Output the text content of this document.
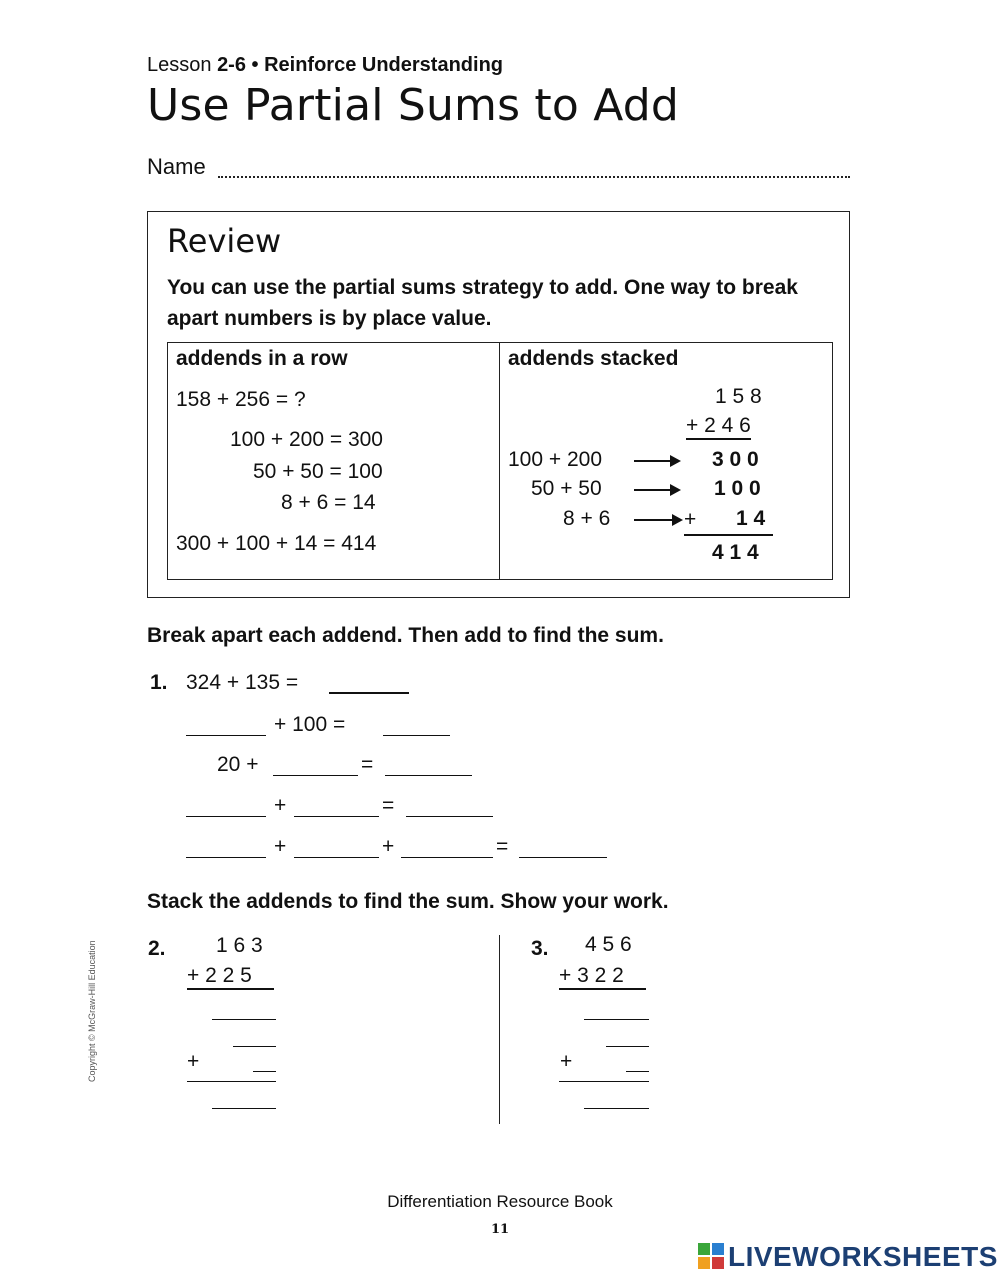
Lesson 2-6 • Reinforce Understanding
Use Partial Sums to Add
Name
Review
You can use the partial sums strategy to add. One way to break apart numbers is by place value.
addends in a row
158 + 256 = ?
100 + 200 = 300
50 + 50 = 100
8 + 6 = 14
300 + 100 + 14 = 414
addends stacked
1 5 8
+ 2 4 6
100 + 200	3 0 0
50 + 50	1 0 0
8 + 6	+ 1 4
4 1 4
Break apart each addend. Then add to find the sum.
1. 324 + 135 =
+ 100 =
20 +	=
+	=
+	+	=
Stack the addends to find the sum. Show your work.
2. 1 6 3
+ 2 2 5
+
3. 4 5 6
+ 3 2 2
+
Copyright © McGraw-Hill Education
Differentiation Resource Book
11
LIVEWORKSHEETS
